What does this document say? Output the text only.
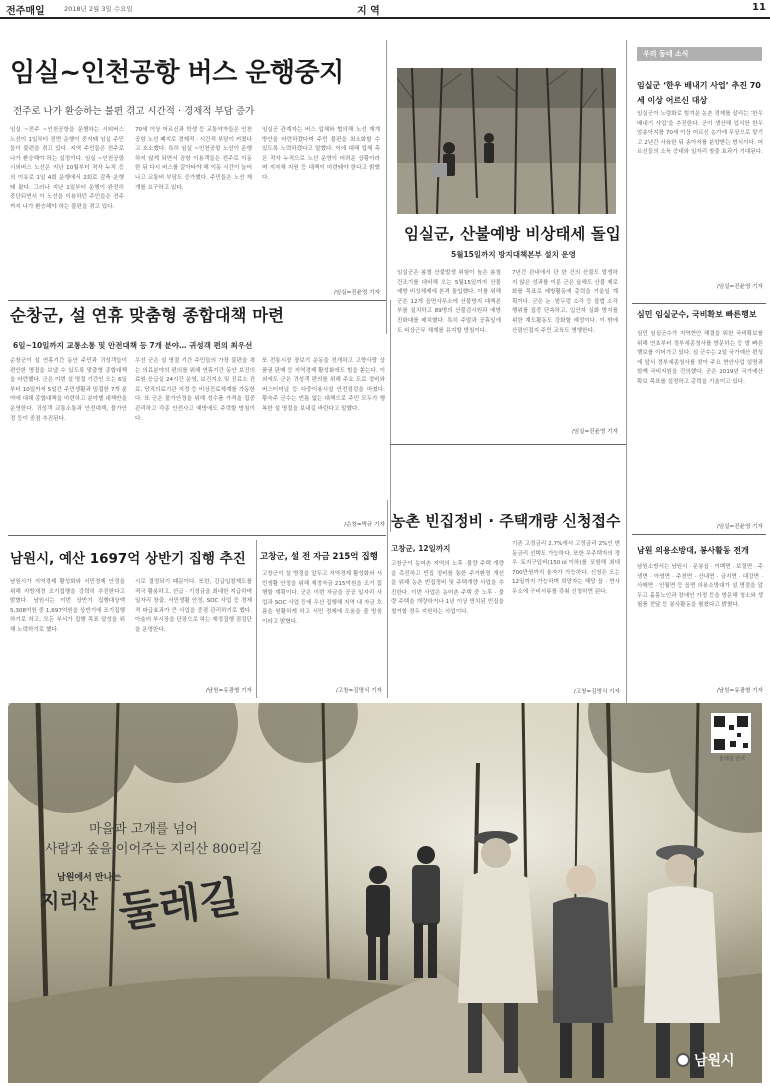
전주매일	2018년 2월 3일 수요일	지 역	11
임실~인천공항 버스 운행중지
전주로 나가 환승하는 불편 겪고 시간적 · 경제적 부담 증가

임실 ~전주 ~인천공항을 운행하는 시외버스 노선이 1일부터 전면 운행이 중지돼 임실 주민들이 불편을 겪고 있다. 지역 주민들은 전주로 나가 환승해야 하는 실정이다. 임실 ~인천공항 시외버스 노선은 지난 10월부터 적자 누적 등의 이유로 1일 4회 운행에서 2회로 감축 운행돼 왔다. 그러나 지난 1일부터 운행이 완전히 중단되면서 이 노선을 이용하던 주민들은 전주까지 나가 환승해야 하는 불편을 겪고 있다.

70세 이상 어르신과 학생 등 교통약자들은 인천공항 노선 폐지로 경제적 · 시간적 부담이 커졌다고 호소했다. 특히 임실 ~인천공항 노선이 운행하지 않게 되면서 공항 이용객들은 전주로 이동한 뒤 다시 버스를 갈아타야 해 이동 시간이 늘어나고 교통비 부담도 증가했다. 주민들은 노선 재개를 요구하고 있다.

임실군 관계자는 버스 업체와 협의해 노선 재개 방안을 마련하겠다며 주민 불편을 최소화할 수 있도록 노력하겠다고 말했다. 이에 대해 업체 측은 적자 누적으로 노선 운영이 어려운 상황이라며 지자체 지원 등 대책이 마련돼야 한다고 밝혔다.

/임실=진윤영 기자
임실군, 산불예방 비상태세 돌입
5월15일까지 방지대책본부 설치 운영

임실군은 봄철 산불발생 위험이 높은 봄철 건조기를 대비해 오는 5월15일까지 산불예방 비상체제에 본격 돌입했다. 이를 위해 군은 12개 읍면사무소에 산불방지 대책본부를 설치하고 89명의 산불감시원과 예방진화대를 배치했다. 특히 주말과 공휴일에도 비상근무 체계를 유지할 방침이다.

7년간 관내에서 단 한 건의 산불도 발생하지 않은 성과를 이룬 군은 올해도 산불 제로화를 목표로 예방활동에 총력을 기울일 계획이다. 군은 논 ·밭두렁 소각 등 불법 소각행위를 집중 단속하고, 입산자 실화 방지를 위한 계도활동도 강화할 예정이다. 이 밖에 산림인접지 주민 교육도 병행한다.

/임실=진윤영 기자
순창군, 설 연휴 맞춤형 종합대책 마련
6일~10일까지 교통소통 및 안전대책 등 7개 분야… 귀성객 편의 최우선

순창군이 설 연휴기간 동안 주민과 귀성객들이 편안한 명절을 보낼 수 있도록 맞춤형 종합대책을 마련했다. 군은 이번 설 명절 기간인 오는 6일부터 10일까지 5일간 주민생활과 밀접한 7개 분야에 대해 종합대책을 마련하고 분야별 대책반을 운영한다. 귀성객 교통소통과 안전대책, 물가안정 등이 중점 추진된다.

우선 군은 설 명절 기간 주민들의 가장 불편을 겪는 의료분야의 편의를 위해 연휴기간 동안 보건의료원 응급실 24시간 운영, 보건지소 및 진료소 진료, 당직의료기관 지정 등 비상진료체계를 가동한다. 또 군은 물가안정을 위해 성수품 가격을 집중 관리하고 각종 안전사고 예방에도 주력할 방침이다.

또 전통시장 장보기 운동을 전개하고 고향사랑 상품권 판매 등 지역경제 활성화에도 힘을 쏟는다. 이외에도 군은 귀성객 편의를 위해 주요 도로 정비와 버스터미널 등 다중이용시설 안전점검을 마쳤다. 황숙주 군수는 빈틈 없는 대책으로 주민 모두가 행복한 설 명절을 보내길 바란다고 말했다.

/순창=박규 기자 농촌 빈집정비 · 주택개량 신청접수
고창군, 12일까지

고창군이 농어촌 지역의 노후 ·불량 주택 개량을 촉진하고 빈집 정비를 통한 주거환경 개선을 위해 농촌 빈집정비 및 주택개량 사업을 추진한다. 이번 사업은 농어촌 주택 중 노후 · 불량 주택을 개량하거나 1년 이상 방치된 빈집을 철거할 경우 지원하는 사업이다.

기존 고정금리 2.7%에서 고정금리 2%인 변동금리 선택도 가능하다. 또한 무주택자의 경우 토지구입비(150㎡이하)를 포함해 최대 700만원까지 융자가 가능하다. 신청은 오는 12일까지 가능하며 희망자는 해당 읍 · 면사무소에 구비서류를 갖춰 신청하면 된다.

/고창=김명식 기자
남원시, 예산 1697억 상반기 집행 추진

남원시가 지역경제 활성화와 서민경제 안정을 위해 지방재정 조기집행을 강력히 추진한다고 밝혔다. 남원시는 이번 상반기 집행대상액 5,308억원 중 1,697억원을 상반기에 조기집행하기로 하고, 모든 부서가 집행 목표 달성을 위해 노력하기로 했다.

시로 결정되기 때문이다. 또한, 긴급입찰제도를 적극 활용하고, 선급 · 기성금을 최대한 지급하며 일자리 창출, 서민생활 안정, SOC 사업 등 경제적 파급효과가 큰 사업을 중점 관리하기로 했다. 아울러 부시장을 단장으로 하는 재정집행 점검단을 운영한다.

/남원=유광형 기자
고창군, 설 전 자금 215억 집행

고창군이 설 명절을 앞두고 지역경제 활성화와 서민생활 안정을 위해 재정자금 215억원을 조기 집행할 계획이다. 군은 이번 자금을 공공 일자리 사업과 SOC 사업 등에 우선 집행해 지역 내 자금 흐름을 원활하게 하고 서민 경제에 도움을 줄 방침이라고 밝혔다.

/고창=김명식 기자
우리 동네 소식
임실군 ‘한우 배내기 사업’ 추진 70세 이상 어르신 대상

임실군이 노령화로 힘겨운 농촌 경제를 살리는 ‘한우 배내기 사업’을 추진한다. 군이 생산해 입식한 한우 암송아지를 70세 이상 어르신 농가에 무상으로 맡기고 2년간 사육한 뒤 송아지를 분양받는 방식이다. 어르신들의 소득 증대와 일자리 창출 효과가 기대된다.

/임실=진윤영 기자
심민 임실군수, 국비확보 빠른행보

심민 임실군수가 지역현안 해결을 위한 국비확보를 위해 연초부터 정부세종청사를 방문하는 등 발 빠른 행보를 이어가고 있다. 심 군수는 2일 국가예산 편성에 앞서 정부세종청사를 찾아 주요 현안사업 설명과 함께 국비지원을 건의했다. 군은 2019년 국가예산 확보 목표를 설정하고 총력을 기울이고 있다.

/임실=진윤영 기자
남원 의용소방대, 봉사활동 전개

남원소방서는 남원시 · 운봉읍 · 이백면 · 보절면 · 주생면 · 아영면 · 주천면 · 산내면 · 금지면 · 대강면 · 사매면 · 인월면 등 읍면 의용소방대가 설 명절을 앞두고 홀몸노인과 장애인 가정 등을 방문해 청소와 생필품 전달 등 봉사활동을 펼쳤다고 밝혔다.

/남원=유광형 기자
마을과 고개를 넘어
사람과 숲을 이어주는 지리산 800리길
남원에서 만나는
지리산 둘레길
둘레길 안내
남원시
